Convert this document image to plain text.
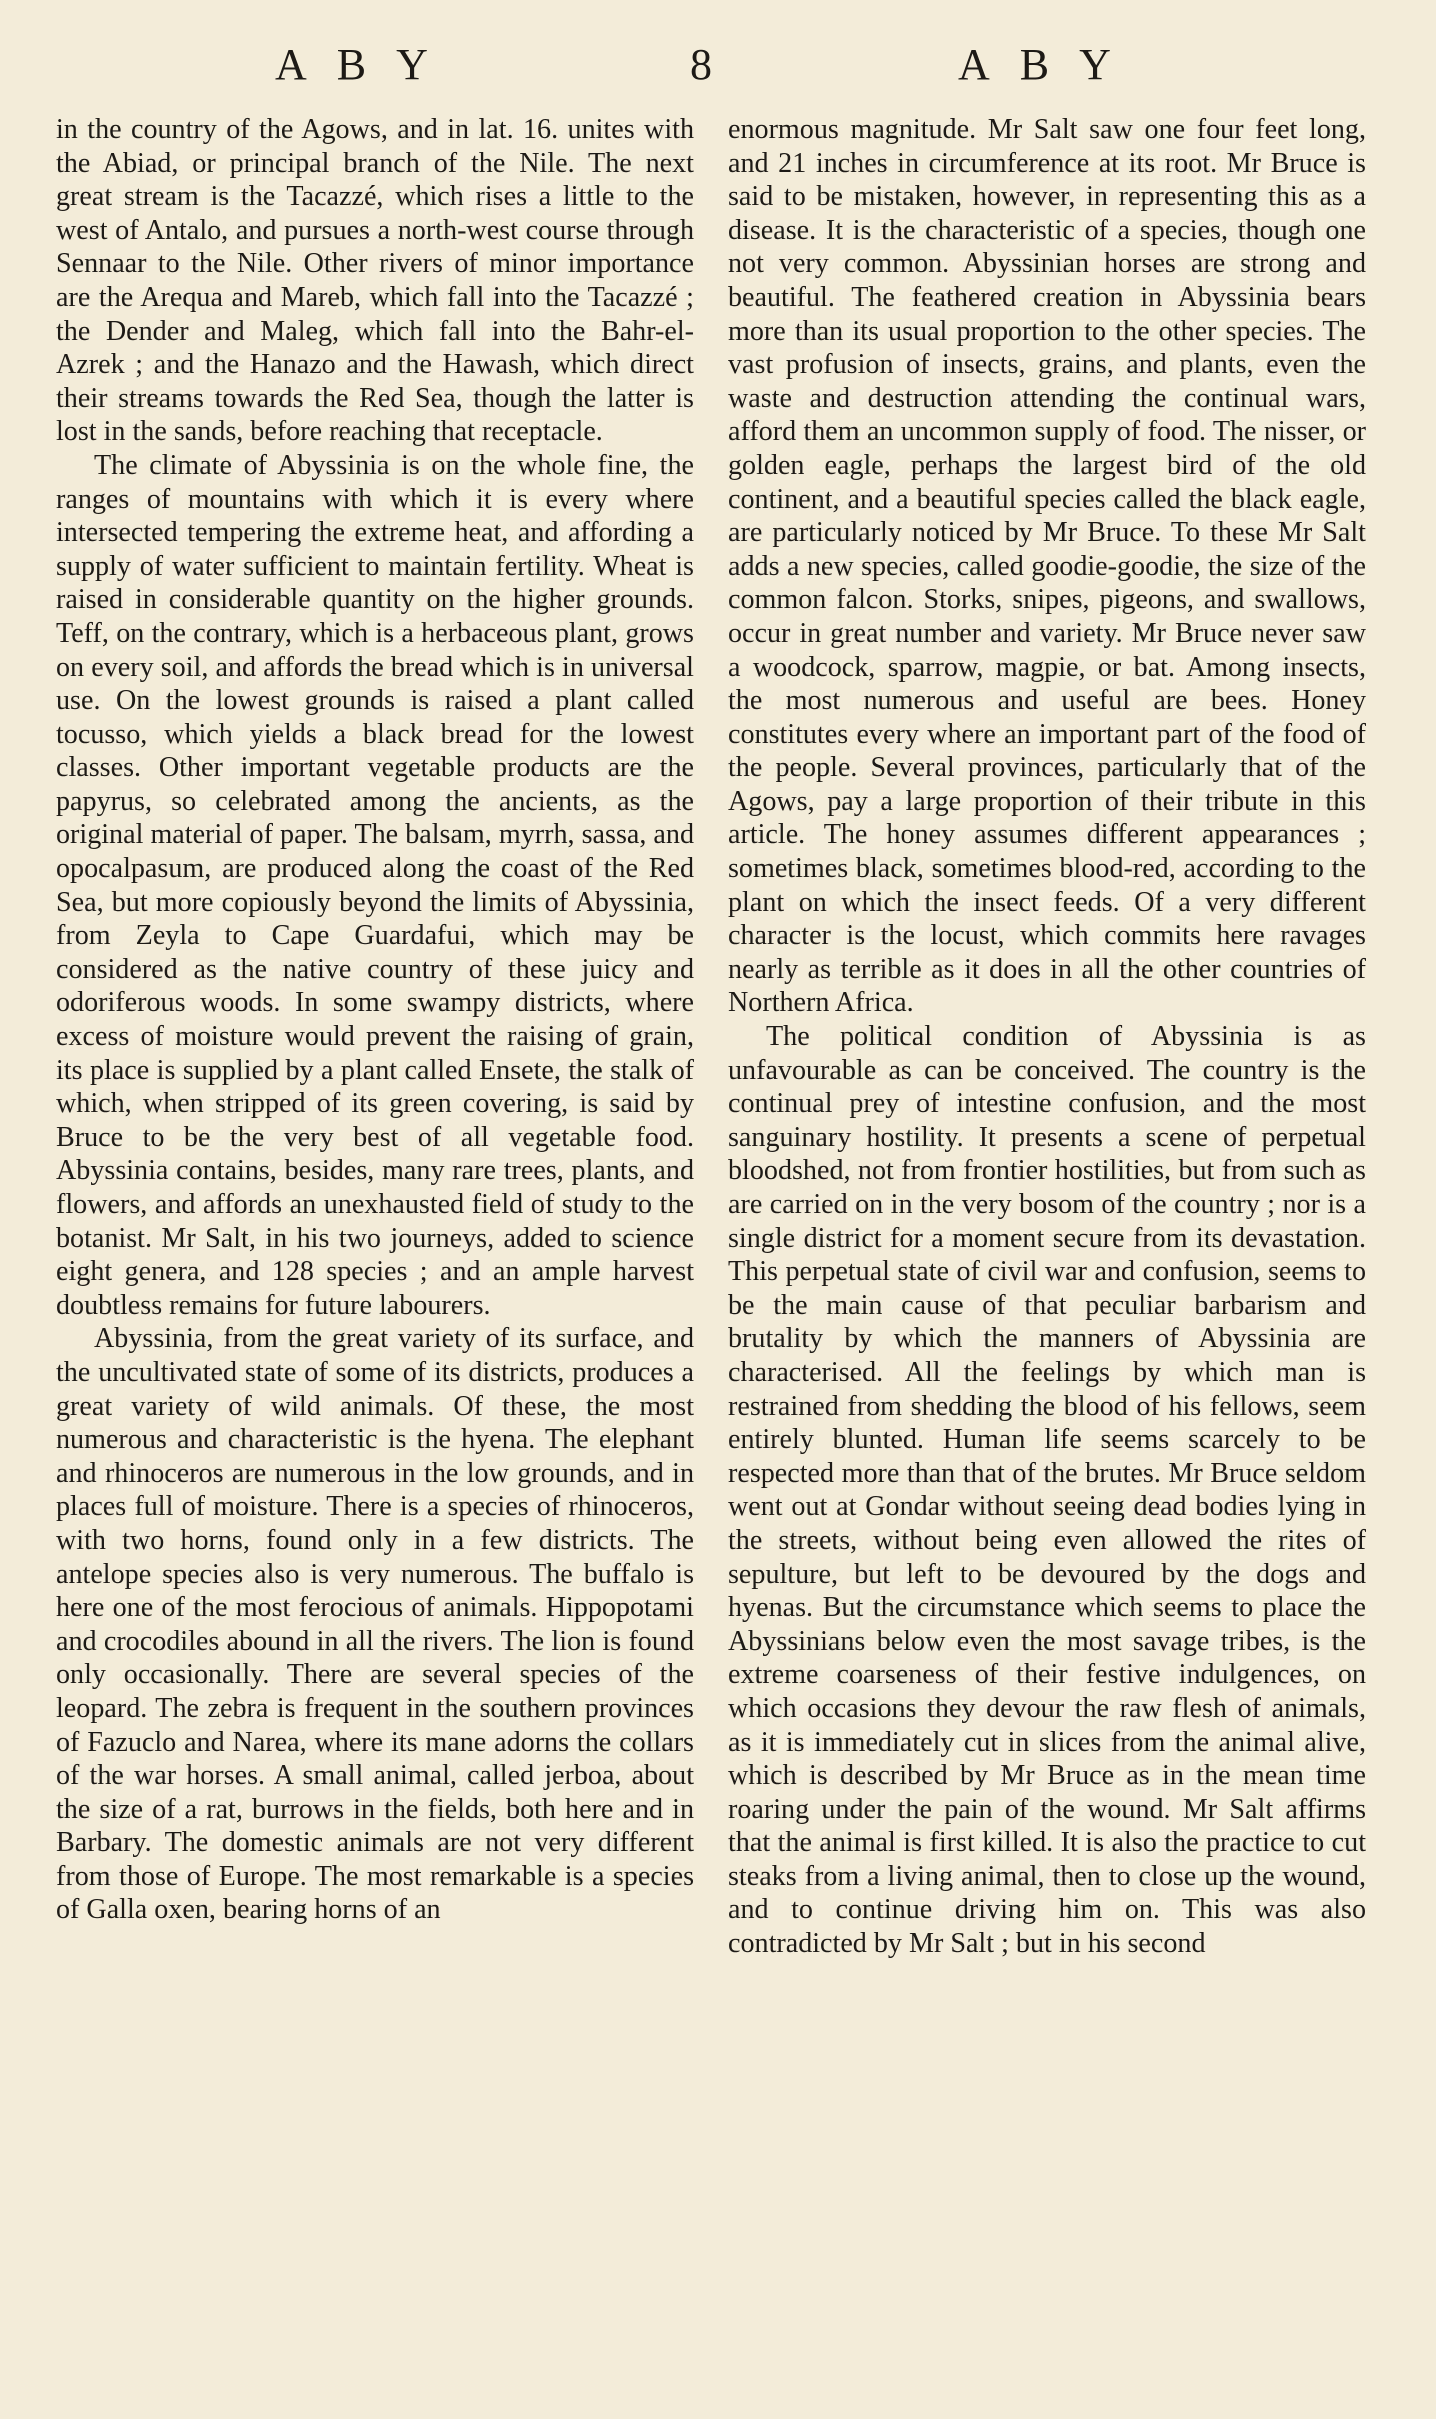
ABY	8	ABY

in the country of the Agows, and in lat. 16. unites with the Abiad, or principal branch of the Nile. The next great stream is the Tacazzé, which rises a little to the west of Antalo, and pursues a north-west course through Sennaar to the Nile. Other rivers of minor importance are the Arequa and Mareb, which fall into the Tacazzé ; the Dender and Maleg, which fall into the Bahr-el-Azrek ; and the Hanazo and the Hawash, which direct their streams towards the Red Sea, though the latter is lost in the sands, before reaching that receptacle.

The climate of Abyssinia is on the whole fine, the ranges of mountains with which it is every where intersected tempering the extreme heat, and affording a supply of water sufficient to maintain fertility. Wheat is raised in considerable quantity on the higher grounds. Teff, on the contrary, which is a herbaceous plant, grows on every soil, and affords the bread which is in universal use. On the lowest grounds is raised a plant called tocusso, which yields a black bread for the lowest classes. Other important vegetable products are the papyrus, so celebrated among the ancients, as the original material of paper. The balsam, myrrh, sassa, and opocalpasum, are produced along the coast of the Red Sea, but more copiously beyond the limits of Abyssinia, from Zeyla to Cape Guardafui, which may be considered as the native country of these juicy and odoriferous woods. In some swampy districts, where excess of moisture would prevent the raising of grain, its place is supplied by a plant called Ensete, the stalk of which, when stripped of its green covering, is said by Bruce to be the very best of all vegetable food. Abyssinia contains, besides, many rare trees, plants, and flowers, and affords an unexhausted field of study to the botanist. Mr Salt, in his two journeys, added to science eight genera, and 128 species ; and an ample harvest doubtless remains for future labourers.

Abyssinia, from the great variety of its surface, and the uncultivated state of some of its districts, produces a great variety of wild animals. Of these, the most numerous and characteristic is the hyena. The elephant and rhinoceros are numerous in the low grounds, and in places full of moisture. There is a species of rhinoceros, with two horns, found only in a few districts. The antelope species also is very numerous. The buffalo is here one of the most ferocious of animals. Hippopotami and crocodiles abound in all the rivers. The lion is found only occasionally. There are several species of the leopard. The zebra is frequent in the southern provinces of Fazuclo and Narea, where its mane adorns the collars of the war horses. A small animal, called jerboa, about the size of a rat, burrows in the fields, both here and in Barbary. The domestic animals are not very different from those of Europe. The most remarkable is a species of Galla oxen, bearing horns of an

enormous magnitude. Mr Salt saw one four feet long, and 21 inches in circumference at its root. Mr Bruce is said to be mistaken, however, in representing this as a disease. It is the characteristic of a species, though one not very common. Abyssinian horses are strong and beautiful. The feathered creation in Abyssinia bears more than its usual proportion to the other species. The vast profusion of insects, grains, and plants, even the waste and destruction attending the continual wars, afford them an uncommon supply of food. The nisser, or golden eagle, perhaps the largest bird of the old continent, and a beautiful species called the black eagle, are particularly noticed by Mr Bruce. To these Mr Salt adds a new species, called goodie-goodie, the size of the common falcon. Storks, snipes, pigeons, and swallows, occur in great number and variety. Mr Bruce never saw a woodcock, sparrow, magpie, or bat. Among insects, the most numerous and useful are bees. Honey constitutes every where an important part of the food of the people. Several provinces, particularly that of the Agows, pay a large proportion of their tribute in this article. The honey assumes different appearances ; sometimes black, sometimes blood-red, according to the plant on which the insect feeds. Of a very different character is the locust, which commits here ravages nearly as terrible as it does in all the other countries of Northern Africa.

The political condition of Abyssinia is as unfavourable as can be conceived. The country is the continual prey of intestine confusion, and the most sanguinary hostility. It presents a scene of perpetual bloodshed, not from frontier hostilities, but from such as are carried on in the very bosom of the country ; nor is a single district for a moment secure from its devastation. This perpetual state of civil war and confusion, seems to be the main cause of that peculiar barbarism and brutality by which the manners of Abyssinia are characterised. All the feelings by which man is restrained from shedding the blood of his fellows, seem entirely blunted. Human life seems scarcely to be respected more than that of the brutes. Mr Bruce seldom went out at Gondar without seeing dead bodies lying in the streets, without being even allowed the rites of sepulture, but left to be devoured by the dogs and hyenas. But the circumstance which seems to place the Abyssinians below even the most savage tribes, is the extreme coarseness of their festive indulgences, on which occasions they devour the raw flesh of animals, as it is immediately cut in slices from the animal alive, which is described by Mr Bruce as in the mean time roaring under the pain of the wound. Mr Salt affirms that the animal is first killed. It is also the practice to cut steaks from a living animal, then to close up the wound, and to continue driving him on. This was also contradicted by Mr Salt ; but in his second
